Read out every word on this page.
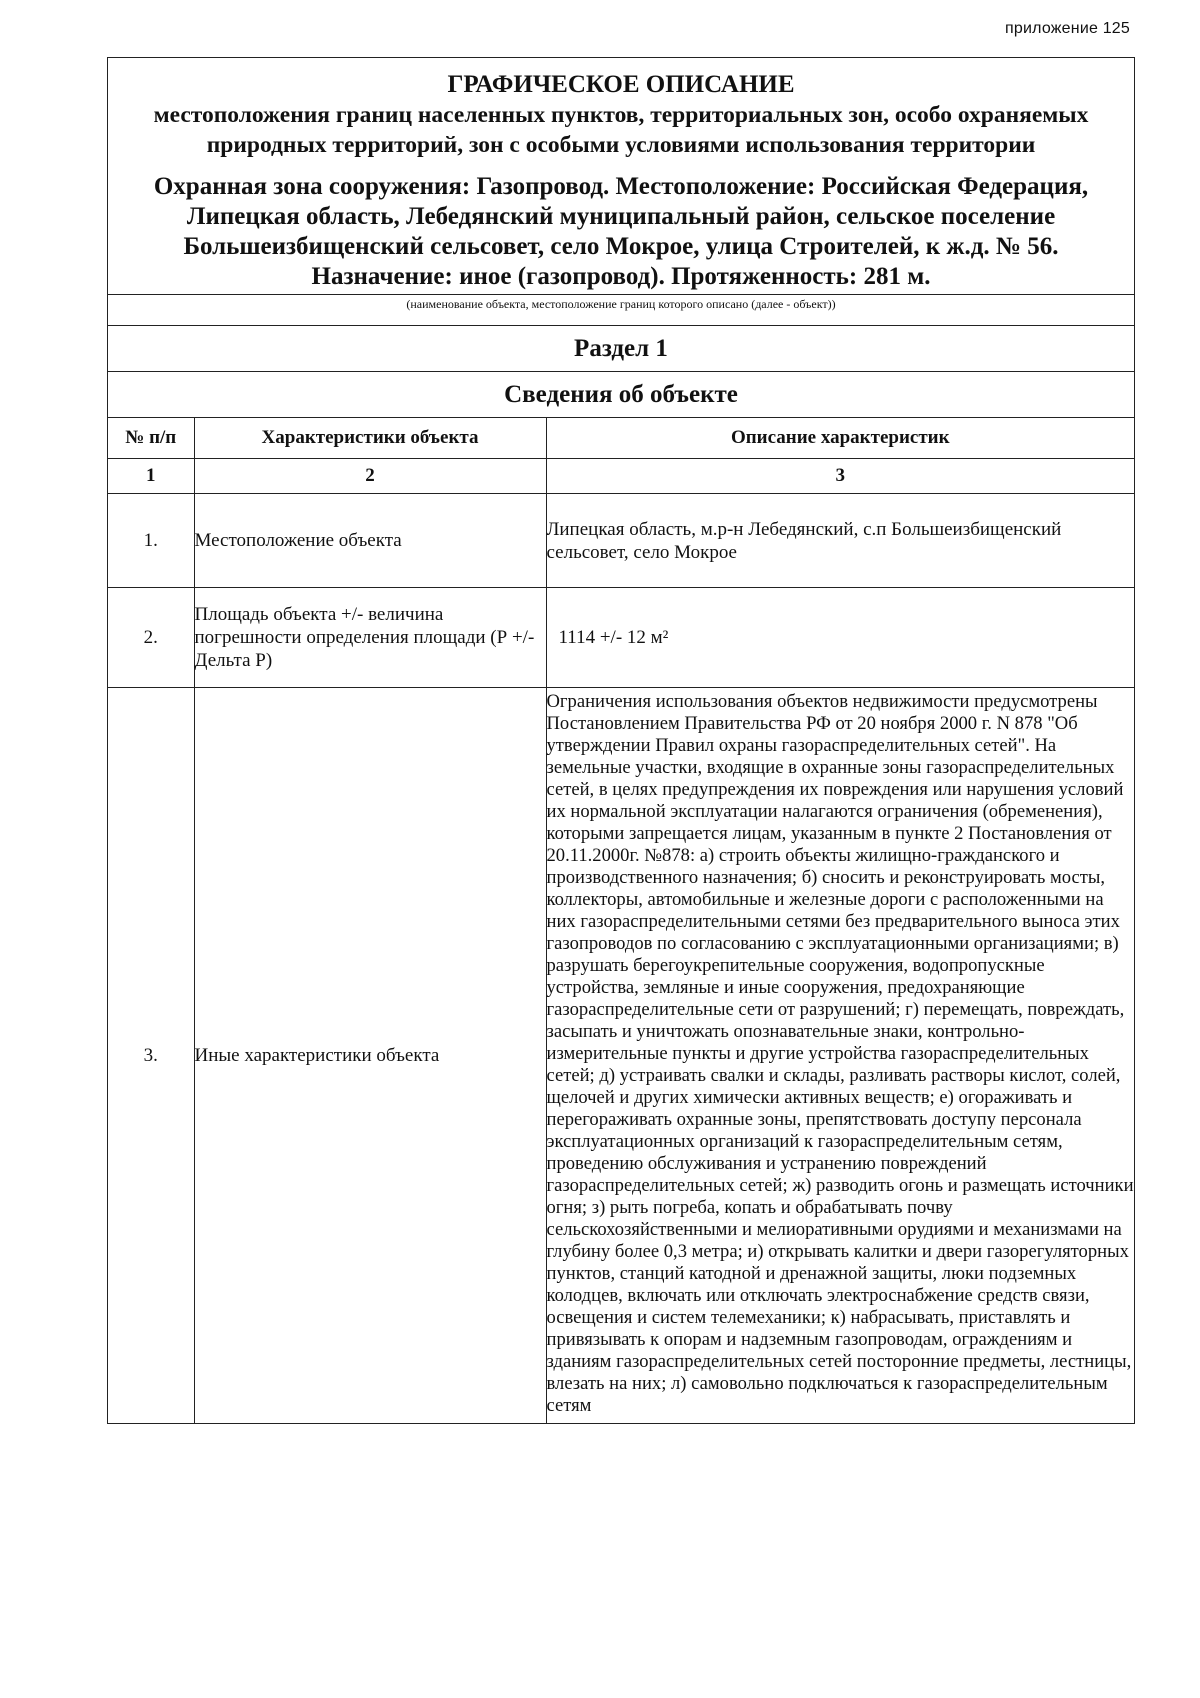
приложение 125

ГРАФИЧЕСКОЕ ОПИСАНИЕ

местоположения границ населенных пунктов, территориальных зон, особо охраняемых природных территорий, зон с особыми условиями использования территории

Охранная зона сооружения: Газопровод. Местоположение: Российская Федерация, Липецкая область, Лебедянский муниципальный район, сельское поселение Большеизбищенский сельсовет, село Мокрое, улица Строителей, к ж.д. № 56. Назначение: иное (газопровод). Протяженность: 281 м.

(наименование объекта, местоположение границ которого описано (далее - объект))
Раздел 1
Сведения об объекте
№ п/п	Характеристики объекта	Описание характеристик
1	2	3
1.	Местоположение объекта	Липецкая область, м.р-н Лебедянский, с.п Большеизбищенский сельсовет, село Мокрое
2.	Площадь объекта +/- величина погрешности определения площади (Р +/- Дельта Р)	1114 +/- 12 м²
3.	Иные характеристики объекта	Ограничения использования объектов недвижимости предусмотрены Постановлением Правительства РФ от 20 ноября 2000 г. N 878 "Об утверждении Правил охраны газораспределительных сетей". На земельные участки, входящие в охранные зоны газораспределительных сетей, в целях предупреждения их повреждения или нарушения условий их нормальной эксплуатации налагаются ограничения (обременения), которыми запрещается лицам, указанным в пункте 2 Постановления от 20.11.2000г. №878: а) строить объекты жилищно-гражданского и производственного назначения; б) сносить и реконструировать мосты, коллекторы, автомобильные и железные дороги с расположенными на них газораспределительными сетями без предварительного выноса этих газопроводов по согласованию с эксплуатационными организациями; в) разрушать берегоукрепительные сооружения, водопропускные устройства, земляные и иные сооружения, предохраняющие газораспределительные сети от разрушений; г) перемещать, повреждать, засыпать и уничтожать опознавательные знаки, контрольно-измерительные пункты и другие устройства газораспределительных сетей; д) устраивать свалки и склады, разливать растворы кислот, солей, щелочей и других химически активных веществ; е) огораживать и перегораживать охранные зоны, препятствовать доступу персонала эксплуатационных организаций к газораспределительным сетям, проведению обслуживания и устранению повреждений газораспределительных сетей; ж) разводить огонь и размещать источники огня; з) рыть погреба, копать и обрабатывать почву сельскохозяйственными и мелиоративными орудиями и механизмами на глубину более 0,3 метра; и) открывать калитки и двери газорегуляторных пунктов, станций катодной и дренажной защиты, люки подземных колодцев, включать или отключать электроснабжение средств связи, освещения и систем телемеханики; к) набрасывать, приставлять и привязывать к опорам и надземным газопроводам, ограждениям и зданиям газораспределительных сетей посторонние предметы, лестницы, влезать на них; л) самовольно подключаться к газораспределительным сетям
